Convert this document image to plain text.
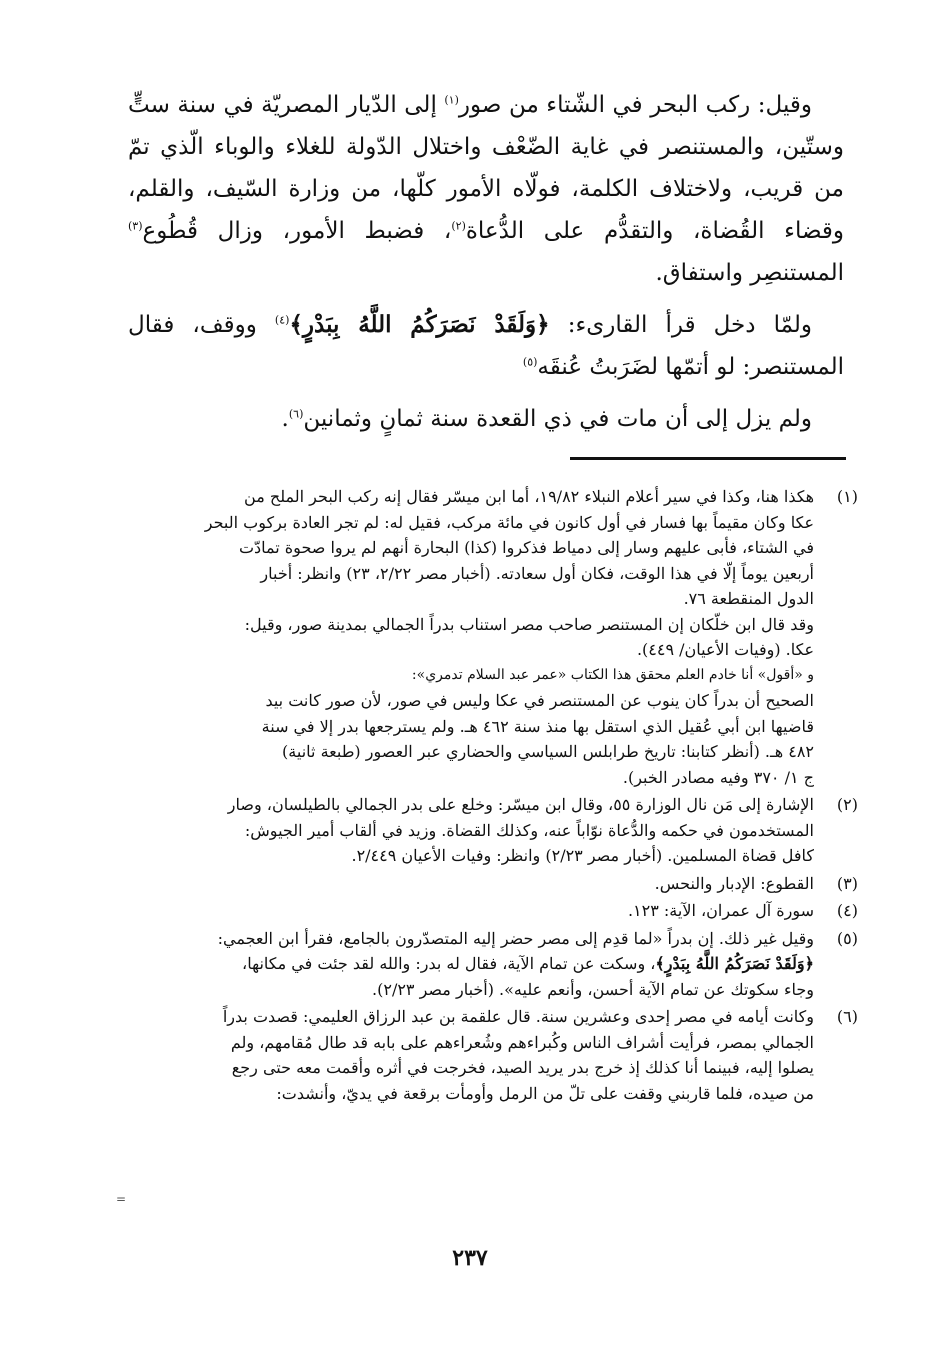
وقيل: ركب البحر في الشّتاء من صور$^{(١)}$ إلى الدّيار المصريّة في سنة ستٍّ وستّين، والمستنصر في غاية الضّعْف واختلال الدّولة للغلاء والوباء الّذي تمّ من قريب، ولاختلاف الكلمة، فولّاه الأمور كلّها، من وزارة السّيف، والقلم، وقضاء القُضاة، والتقدُّم على الدُّعاة$^{(٢)}$، فضبط الأمور، وزال قُطُوع$^{(٣)}$ المستنصِر واستفاق.

ولمّا دخل قرأ القارىء: ﴿وَلَقَدْ نَصَرَكُمُ اللَّهُ بِبَدْرٍ﴾$^{(٤)}$ ووقف، فقال المستنصر: لو أتمّها لضَرَبتُ عُنقَه$^{(٥)}$

ولم يزل إلى أن مات في ذي القعدة سنة ثمانٍ وثمانين$^{(٦)}$.

(١)

هكذا هنا، وكذا في سير أعلام النبلاء ١٩/٨٢، أما ابن ميسّر فقال إنه ركب البحر الملح من

عكا وكان مقيماً بها فسار في أول كانون في مائة مركب، فقيل له: لم تجر العادة بركوب البحر

في الشتاء، فأبى عليهم وسار إلى دمياط فذكروا (كذا) البحارة أنهم لم يروا صحوة تمادّت

أربعين يوماً إلّا في هذا الوقت، فكان أول سعادته. (أخبار مصر ٢/٢٢، ٢٣) وانظر: أخبار

الدول المنقطعة ٧٦.

وقد قال ابن خلّكان إن المستنصر صاحب مصر استناب بدراً الجمالي بمدينة صور، وقيل:

عكا. (وفيات الأعيان/ ٤٤٩).

و «أقول» أنا خادم العلم محقق هذا الكتاب «عمر عبد السلام تدمري»:

الصحيح أن بدراً كان ينوب عن المستنصر في عكا وليس في صور، لأن صور كانت بيد

قاضيها ابن أبي عُقيل الذي استقل بها منذ سنة ٤٦٢ هـ. ولم يسترجعها بدر إلا في سنة

٤٨٢ هـ. (أنظر كتابنا: تاريخ طرابلس السياسي والحضاري عبر العصور (طبعة ثانية)

ج ١/ ٣٧٠ وفيه مصادر الخبر).

(٢)

الإشارة إلى مَن نال الوزارة ٥٥، وقال ابن ميسّر: وخلع على بدر الجمالي بالطيلسان، وصار

المستخدمون في حكمه والدُّعاة نوّاباً عنه، وكذلك القضاة. وزيد في ألقاب أمير الجيوش:

كافل قضاة المسلمين. (أخبار مصر ٢/٢٣) وانظر: وفيات الأعيان ٢/٤٤٩.

(٣)

القطوع: الإدبار والنحس.

(٤)

سورة آل عمران، الآية: ١٢٣.

(٥)

وقيل غير ذلك. إن بدراً «لما قدِم إلى مصر حضر إليه المتصدّرون بالجامع، فقرأ ابن العجمي:

﴿وَلَقَدْ نَصَرَكُمُ اللَّهُ بِبَدْرٍ﴾، وسكت عن تمام الآية، فقال له بدر: والله لقد جئت في مكانها،

وجاء سكوتك عن تمام الآية أحسن، وأنعم عليه». (أخبار مصر ٢/٢٣).

(٦)

وكانت أيامه في مصر إحدى وعشرين سنة. قال علقمة بن عبد الرزاق العليمي: قصدت بدراً

الجمالي بمصر، فرأيت أشراف الناس وكُبراءهم وشُعراءهم على بابه قد طال مُقامهم، ولم

يصلوا إليه، فبينما أنا كذلك إذ خرج بدر يريد الصيد، فخرجت في أثره وأقمت معه حتى رجع

من صيده، فلما قاربني وقفت على تلّ من الرمل وأومأت برقعة في يديّ، وأنشدت:

=
٢٣٧
